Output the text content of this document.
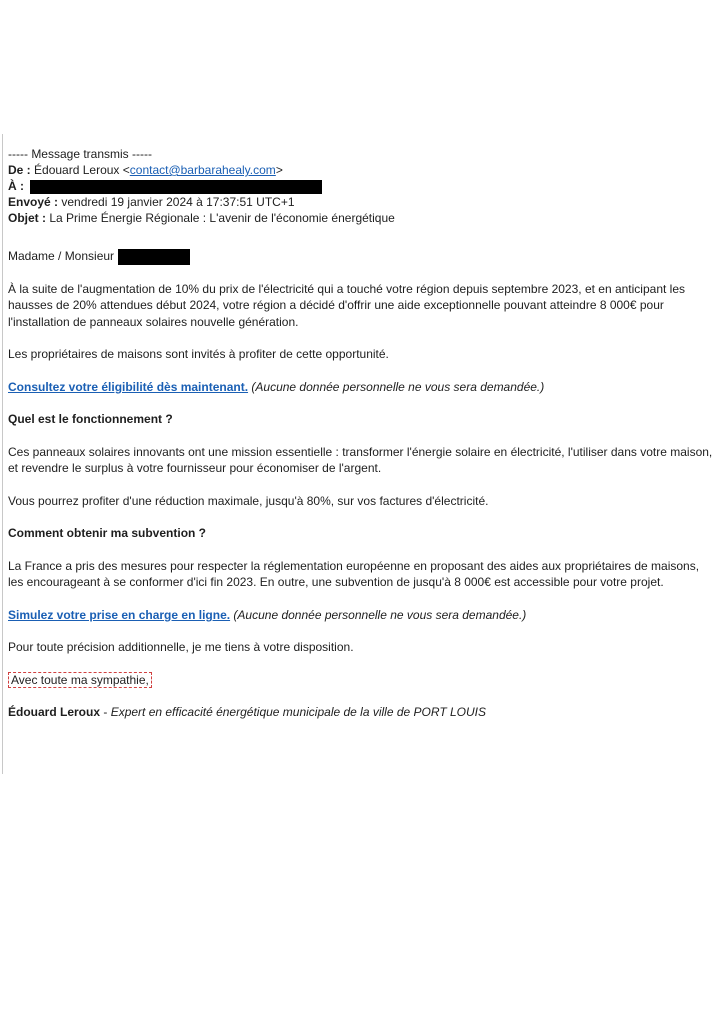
----- Message transmis -----
De : Édouard Leroux <contact@barbarahealy.com>
À :
Envoyé : vendredi 19 janvier 2024 à 17:37:51 UTC+1
Objet : La Prime Énergie Régionale : L'avenir de l'économie énergétique

Madame / Monsieur

À la suite de l'augmentation de 10% du prix de l'électricité qui a touché votre région depuis septembre 2023, et en anticipant les hausses de 20% attendues début 2024, votre région a décidé d'offrir une aide exceptionnelle pouvant atteindre 8 000€ pour l'installation de panneaux solaires nouvelle génération.

Les propriétaires de maisons sont invités à profiter de cette opportunité.

Consultez votre éligibilité dès maintenant. (Aucune donnée personnelle ne vous sera demandée.)

Quel est le fonctionnement ?

Ces panneaux solaires innovants ont une mission essentielle : transformer l'énergie solaire en électricité, l'utiliser dans votre maison, et revendre le surplus à votre fournisseur pour économiser de l'argent.

Vous pourrez profiter d'une réduction maximale, jusqu'à 80%, sur vos factures d'électricité.

Comment obtenir ma subvention ?

La France a pris des mesures pour respecter la réglementation européenne en proposant des aides aux propriétaires de maisons, les encourageant à se conformer d'ici fin 2023. En outre, une subvention de jusqu'à 8 000€ est accessible pour votre projet.

Simulez votre prise en charge en ligne. (Aucune donnée personnelle ne vous sera demandée.)

Pour toute précision additionnelle, je me tiens à votre disposition.

Avec toute ma sympathie,

Édouard Leroux - Expert en efficacité énergétique municipale de la ville de PORT LOUIS
